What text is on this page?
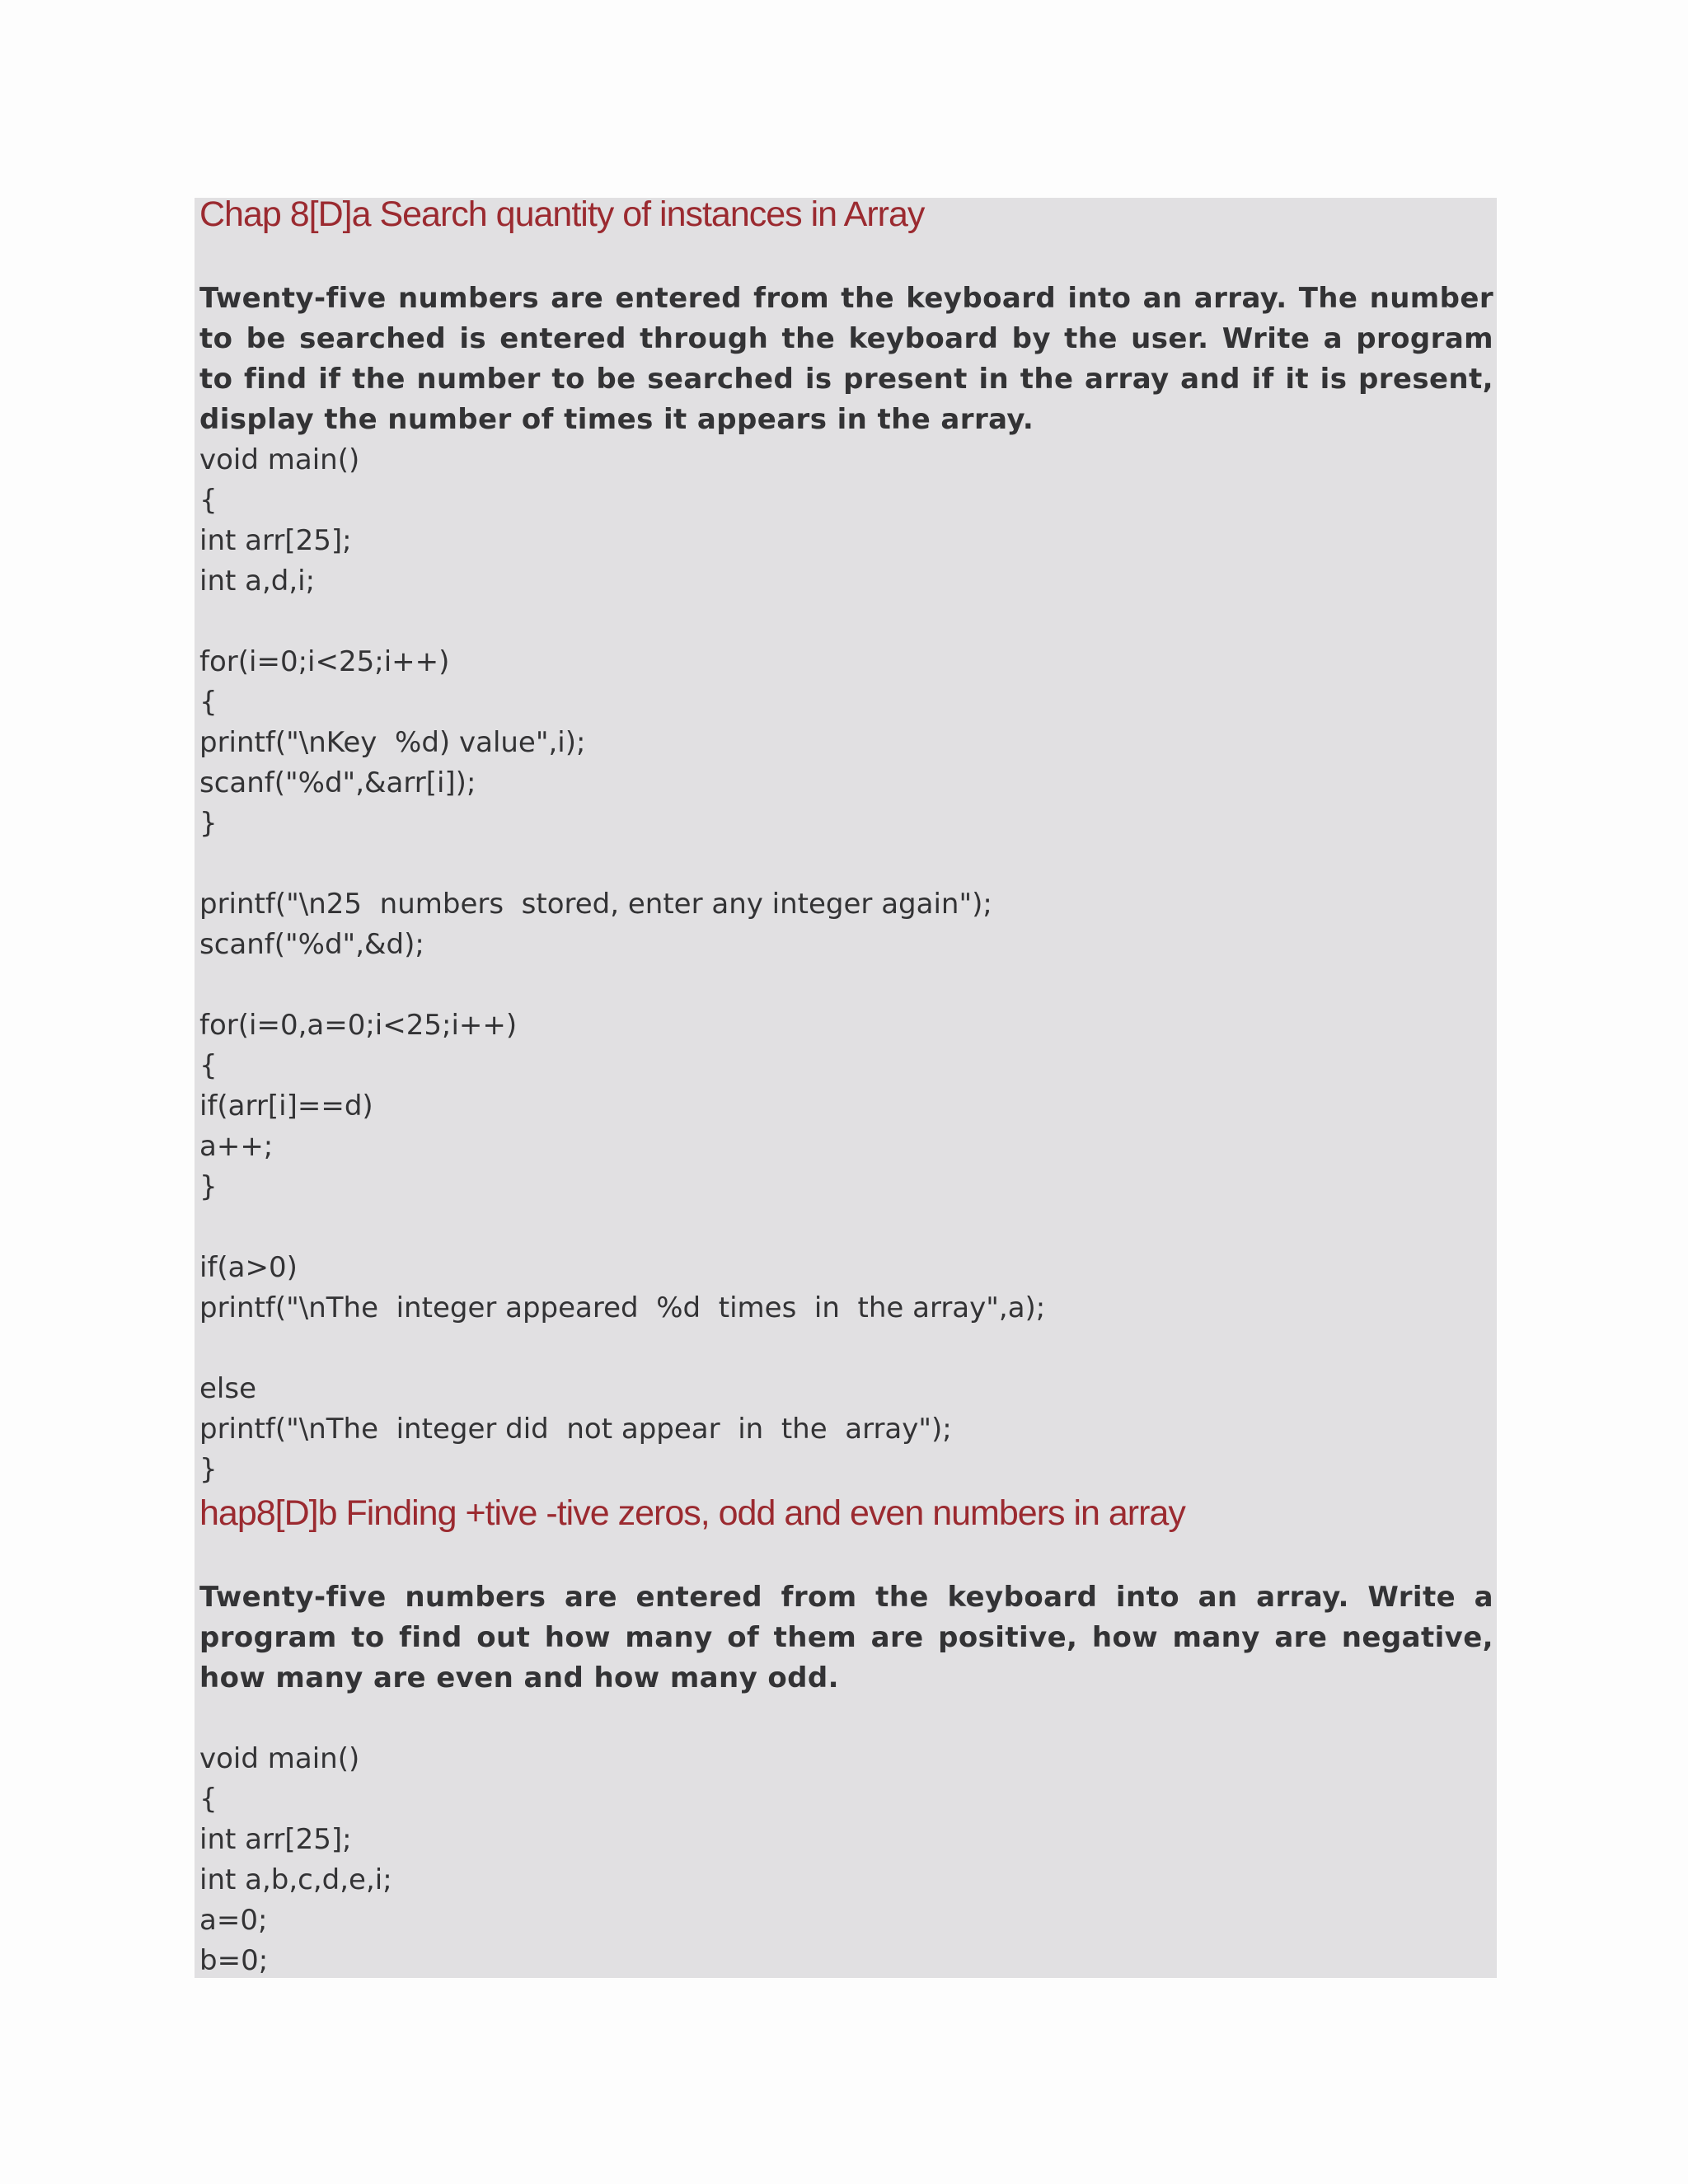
Chap 8[D]a Search quantity of instances in Array

Twenty-five numbers are entered from the keyboard into an array. The number to be searched is entered through the keyboard by the user. Write a program to find if the number to be searched is present in the array and if it is present, display the number of times it appears in the array.

void main()
{
int arr[25];
int a,d,i;
for(i=0;i<25;i++)
{
printf("\nKey  %d) value",i);
scanf("%d",&arr[i]);
}
printf("\n25  numbers  stored, enter any integer again");
scanf("%d",&d);
for(i=0,a=0;i<25;i++)
{
if(arr[i]==d)
a++;
}
if(a>0)
printf("\nThe  integer appeared  %d  times  in  the array",a);
else
printf("\nThe  integer did  not appear  in  the  array");
}
hap8[D]b Finding +tive -tive zeros, odd and even numbers in array

Twenty-five numbers are entered from the keyboard into an array. Write a program to find out how many of them are positive, how many are negative, how many are even and how many odd.

void main()
{
int arr[25];
int a,b,c,d,e,i;
a=0;
b=0;
